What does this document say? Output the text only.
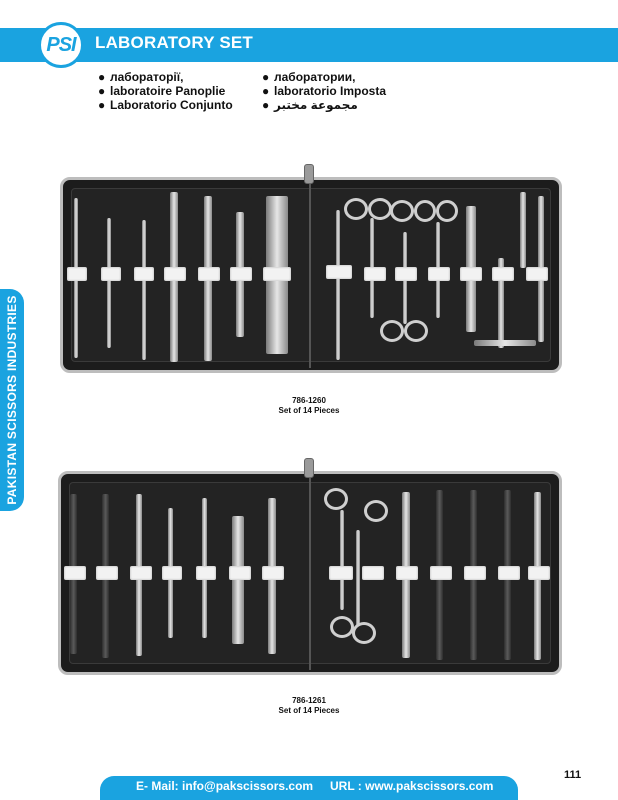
PSI LABORATORY SET
● лабораторії,
● laboratoire Panoplie
● Laboratorio Conjunto
● лаборатории,
● laboratorio Imposta
● مجموعة مختبر
PAKISTAN SCISSORS INDUSTRIES	786-1260
Set of 14 Pieces
786-1261
Set of 14 Pieces
E- Mail: info@pakscissors.com URL : www.pakscissors.com
111
